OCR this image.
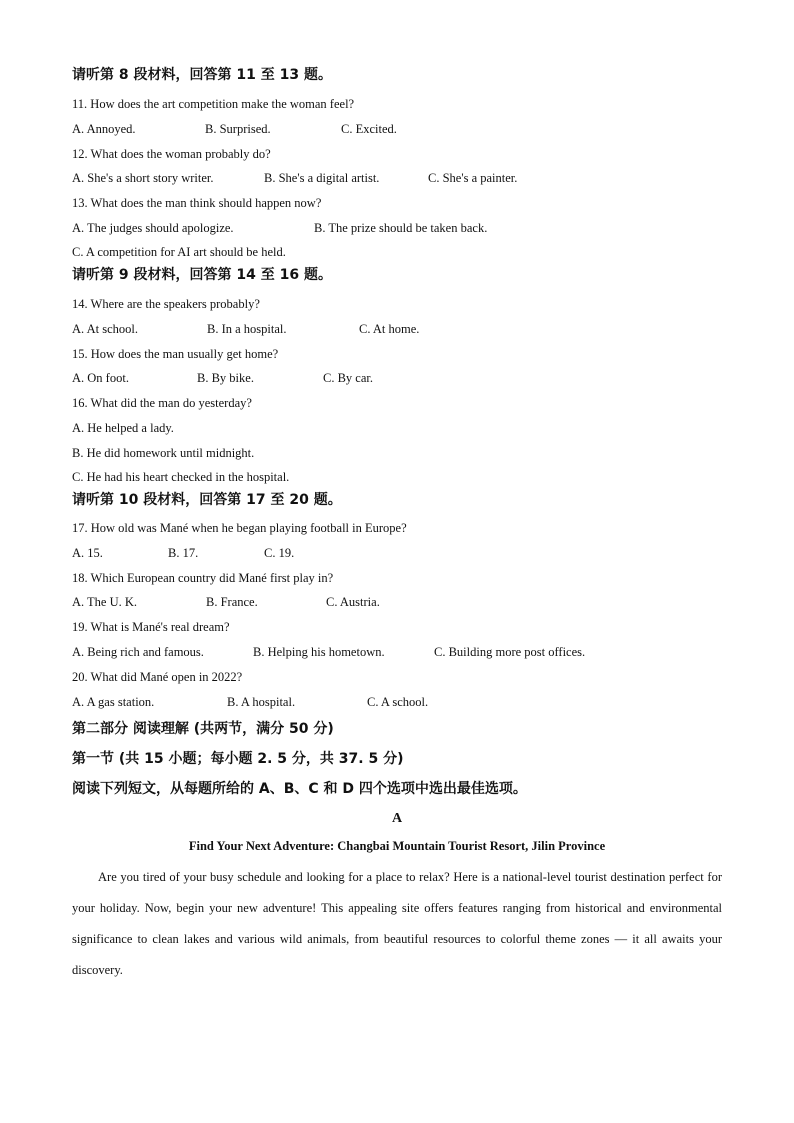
请听第 8 段材料，回答第 11 至 13 题。

11. How does the art competition make the woman feel?

A. Annoyed.	B. Surprised.	C. Excited.

12. What does the woman probably do?

A. She's a short story writer.	B. She's a digital artist.	C. She's a painter.

13. What does the man think should happen now?

A. The judges should apologize.	B. The prize should be taken back.

C. A competition for AI art should be held.

请听第 9 段材料，回答第 14 至 16 题。

14. Where are the speakers probably?

A. At school.	B. In a hospital.	C. At home.

15. How does the man usually get home?

A. On foot.	B. By bike.	C. By car.

16. What did the man do yesterday?

A. He helped a lady.

B. He did homework until midnight.

C. He had his heart checked in the hospital.

请听第 10 段材料，回答第 17 至 20 题。

17. How old was Mané when he began playing football in Europe?

A. 15.	B. 17.	C. 19.

18. Which European country did Mané first play in?

A. The U. K.	B. France.	C. Austria.

19. What is Mané's real dream?

A. Being rich and famous.	B. Helping his hometown.	C. Building more post offices.

20. What did Mané open in 2022?

A. A gas station.	B. A hospital.	C. A school.

第二部分 阅读理解 (共两节，满分 50 分)

第一节 (共 15 小题；每小题 2. 5 分，共 37. 5 分)

阅读下列短文，从每题所给的 A、B、C 和 D 四个选项中选出最佳选项。

A

Find Your Next Adventure: Changbai Mountain Tourist Resort, Jilin Province

Are you tired of your busy schedule and looking for a place to relax? Here is a national-level tourist destination perfect for your holiday. Now, begin your new adventure! This appealing site offers features ranging from historical and environmental significance to clean lakes and various wild animals, from beautiful resources to colorful theme zones — it all awaits your discovery.
